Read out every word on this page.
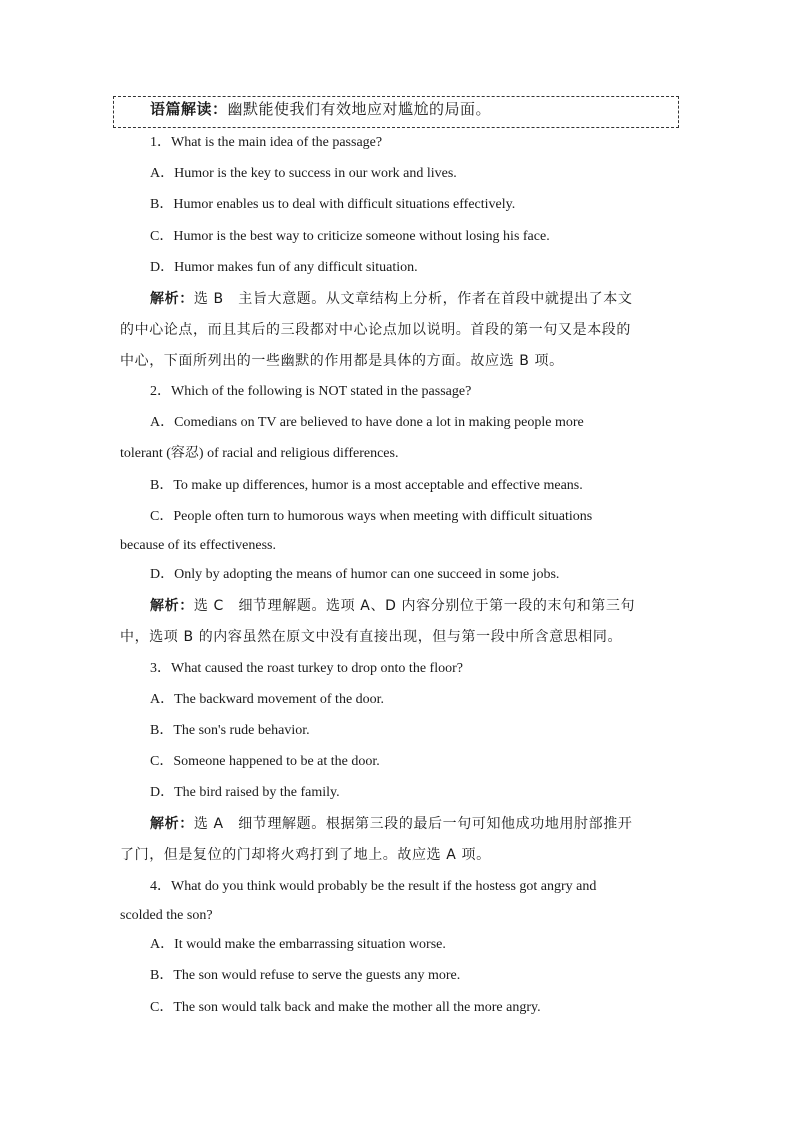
语篇解读：幽默能使我们有效地应对尴尬的局面。
1．What is the main idea of the passage?
A．Humor is the key to success in our work and lives.
B．Humor enables us to deal with difficult situations effectively.
C．Humor is the best way to criticize someone without losing his face.
D．Humor makes fun of any difficult situation.
解析：选 B　主旨大意题。从文章结构上分析，作者在首段中就提出了本文
的中心论点，而且其后的三段都对中心论点加以说明。首段的第一句又是本段的
中心，下面所列出的一些幽默的作用都是具体的方面。故应选 B 项。
2．Which of the following is NOT stated in the passage?
A．Comedians on TV are believed to have done a lot in making people more
tolerant (容忍) of racial and religious differences.
B．To make up differences, humor is a most acceptable and effective means.
C．People often turn to humorous ways when meeting with difficult situations
because of its effectiveness.
D．Only by adopting the means of humor can one succeed in some jobs.
解析：选 C　细节理解题。选项 A、D 内容分别位于第一段的末句和第三句
中，选项 B 的内容虽然在原文中没有直接出现，但与第一段中所含意思相同。
3．What caused the roast turkey to drop onto the floor?
A．The backward movement of the door.
B．The son's rude behavior.
C．Someone happened to be at the door.
D．The bird raised by the family.
解析：选 A　细节理解题。根据第三段的最后一句可知他成功地用肘部推开
了门，但是复位的门却将火鸡打到了地上。故应选 A 项。
4．What do you think would probably be the result if the hostess got angry and
scolded the son?
A．It would make the embarrassing situation worse.
B．The son would refuse to serve the guests any more.
C．The son would talk back and make the mother all the more angry.
